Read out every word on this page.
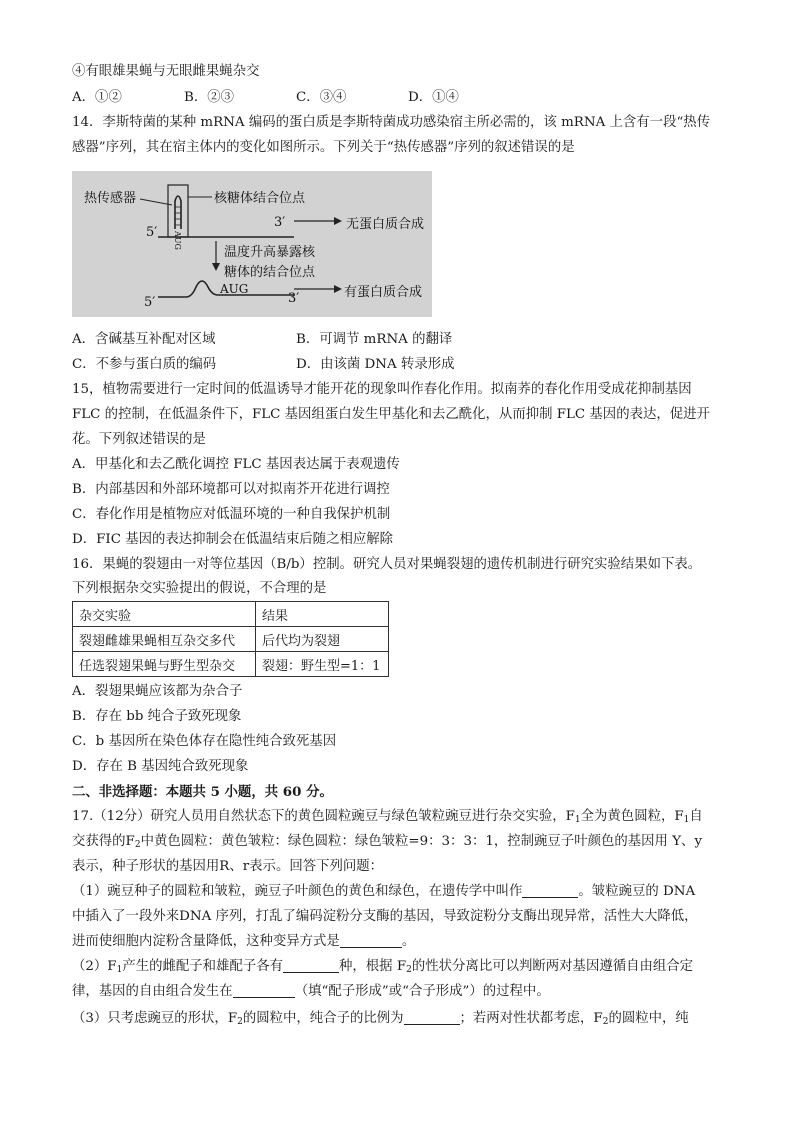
④有眼雄果蝇与无眼雌果蝇杂交
A．①②	B．②③	C．③④	D．①④
14．李斯特菌的某种 mRNA 编码的蛋白质是李斯特菌成功感染宿主所必需的，该 mRNA 上含有一段“热传
感器”序列，其在宿主体内的变化如图所示。下列关于“热传感器”序列的叙述错误的是
热传感器	核糖体结合位点
AUG
5′
3′	无蛋白质合成
温度升高暴露核
糖体的结合位点
5′
AUG
3′	有蛋白质合成
A．含碱基互补配对区域	B．可调节 mRNA 的翻译
C．不参与蛋白质的编码	D．由该菌 DNA 转录形成
15，植物需要进行一定时间的低温诱导才能开花的现象叫作春化作用。拟南荞的春化作用受成花抑制基因
FLC 的控制，在低温条件下，FLC 基因组蛋白发生甲基化和去乙酰化，从而抑制 FLC 基因的表达，促进开
花。下列叙述错误的是
A．甲基化和去乙酰化调控 FLC 基因表达属于表观遗传
B．内部基因和外部环境都可以对拟南芥开花进行调控
C．春化作用是植物应对低温环境的一种自我保护机制
D．FIC 基因的表达抑制会在低温结束后随之相应解除
16．果蝇的裂翅由一对等位基因（B/b）控制。研究人员对果蝇裂翅的遗传机制进行研究实验结果如下表。
下列根据杂交实验提出的假说，不合理的是
杂交实验	结果
裂翅雌雄果蝇相互杂交多代	后代均为裂翅
任选裂翅果蝇与野生型杂交	裂翅：野生型=1：1
A．裂翅果蝇应该都为杂合子
B．存在 bb 纯合子致死现象
C．b 基因所在染色体存在隐性纯合致死基因
D．存在 B 基因纯合致死现象
二、非选择题：本题共 5 小题，共 60 分。
17.（12分）研究人员用自然状态下的黄色圆粒豌豆与绿色皱粒豌豆进行杂交实验，$F_1$全为黄色圆粒，$F_1$自
交获得的$F_2$中黄色圆粒：黄色皱粒：绿色圆粒：绿色皱粒=9：3：3：1，控制豌豆子叶颜色的基因用 Y、y
表示，种子形状的基因用R、r表示。回答下列问题：
（1）豌豆种子的圆粒和皱粒，豌豆子叶颜色的黄色和绿色，在遗传学中叫作	。皱粒豌豆的 DNA
中插入了一段外来DNA 序列，打乱了编码淀粉分支酶的基因，导致淀粉分支酶出现异常，活性大大降低，
进而使细胞内淀粉含量降低，这种变异方式是	。
$(2)F_1$产生的雌配子和雄配子各有	种，根据 $F_2$的性状分离比可以判断两对基因遵循自由组合定
律，基因的自由组合发生在	（填“配子形成”或“合子形成”）的过程中。
（3）只考虑豌豆的形状，$F_2$的圆粒中，纯合子的比例为	；若两对性状都考虑，$F_2$的圆粒中，纯
